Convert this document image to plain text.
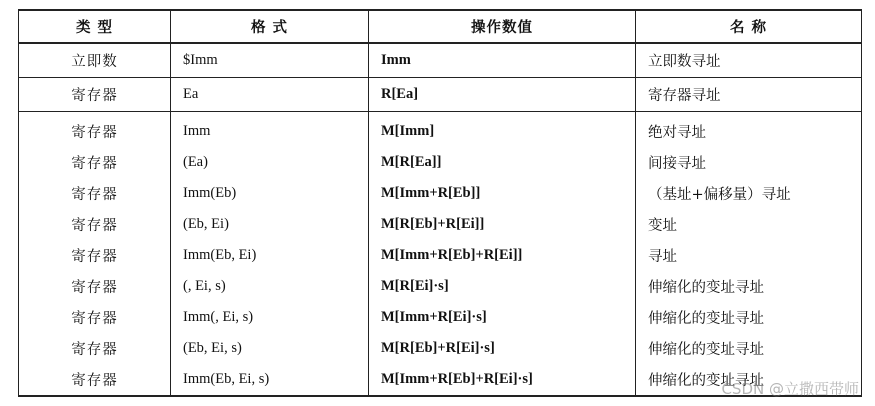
类 型	格 式	操作数值	名 称
立即数	$Imm	Imm	立即数寻址
寄存器	Ea	R[Ea]	寄存器寻址
寄存器	Imm	M[Imm]	绝对寻址
寄存器	(Ea)	M[R[Ea]]	间接寻址
寄存器	Imm(Eb)	M[Imm+R[Eb]]	（基址+偏移量）寻址
寄存器	(Eb, Ei)	M[R[Eb]+R[Ei]]	变址
寄存器	Imm(Eb, Ei)	M[Imm+R[Eb]+R[Ei]]	寻址
寄存器	(, Ei, s)	M[R[Ei]·s]	伸缩化的变址寻址
寄存器	Imm(, Ei, s)	M[Imm+R[Ei]·s]	伸缩化的变址寻址
寄存器	(Eb, Ei, s)	M[R[Eb]+R[Ei]·s]	伸缩化的变址寻址
寄存器	Imm(Eb, Ei, s)	M[Imm+R[Eb]+R[Ei]·s]	伸缩化的变址寻址
CSDN @立撒西带师
